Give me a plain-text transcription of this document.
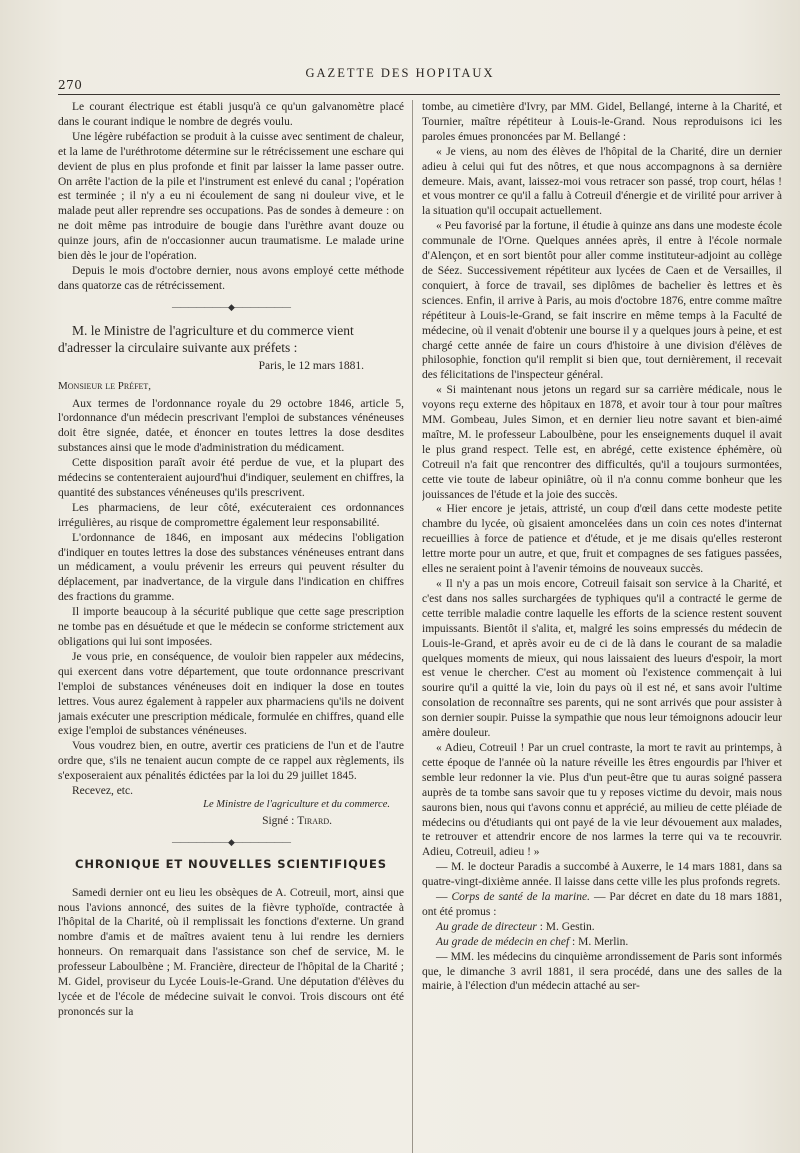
GAZETTE DES HOPITAUX
270

Le courant électrique est établi jusqu'à ce qu'un galvanomètre placé dans le courant indique le nombre de degrés voulu.

Une légère rubéfaction se produit à la cuisse avec sentiment de chaleur, et la lame de l'uréthrotome détermine sur le rétrécissement une eschare qui devient de plus en plus profonde et finit par laisser la lame passer outre. On arrête l'action de la pile et l'instrument est enlevé du canal ; l'opération est terminée ; il n'y a eu ni écoulement de sang ni douleur vive, et le malade peut aller reprendre ses occupations. Pas de sondes à demeure : on ne doit même pas introduire de bougie dans l'urèthre avant douze ou quinze jours, afin de n'occasionner aucun traumatisme. Le malade urine bien dès le jour de l'opération.

Depuis le mois d'octobre dernier, nous avons employé cette méthode dans quatorze cas de rétrécissement.

———————◆———————

M. le Ministre de l'agriculture et du commerce vient d'adresser la circulaire suivante aux préfets :

Paris, le 12 mars 1881.
Monsieur le Préfet,

Aux termes de l'ordonnance royale du 29 octobre 1846, article 5, l'ordonnance d'un médecin prescrivant l'emploi de substances vénéneuses doit être signée, datée, et énoncer en toutes lettres la dose desdites substances ainsi que le mode d'administration du médicament.

Cette disposition paraît avoir été perdue de vue, et la plupart des médecins se contenteraient aujourd'hui d'indiquer, seulement en chiffres, la quantité des substances vénéneuses qu'ils prescrivent.

Les pharmaciens, de leur côté, exécuteraient ces ordonnances irrégulières, au risque de compromettre également leur responsabilité.

L'ordonnance de 1846, en imposant aux médecins l'obligation d'indiquer en toutes lettres la dose des substances vénéneuses entrant dans un médicament, a voulu prévenir les erreurs qui peuvent résulter du déplacement, par inadvertance, de la virgule dans l'indication en chiffres des fractions du gramme.

Il importe beaucoup à la sécurité publique que cette sage prescription ne tombe pas en désuétude et que le médecin se conforme strictement aux obligations qui lui sont imposées.

Je vous prie, en conséquence, de vouloir bien rappeler aux médecins, qui exercent dans votre département, que toute ordonnance prescrivant l'emploi de substances vénéneuses doit en indiquer la dose en toutes lettres. Vous aurez également à rappeler aux pharmaciens qu'ils ne doivent jamais exécuter une prescription médicale, formulée en chiffres, quand elle exige l'emploi de substances vénéneuses.

Vous voudrez bien, en outre, avertir ces praticiens de l'un et de l'autre ordre que, s'ils ne tenaient aucun compte de ce rappel aux règlements, ils s'exposeraient aux pénalités édictées par la loi du 29 juillet 1845.

Recevez, etc.

Le Ministre de l'agriculture et du commerce.
Signé : Tirard.
———————◆———————
CHRONIQUE ET NOUVELLES SCIENTIFIQUES

Samedi dernier ont eu lieu les obsèques de A. Cotreuil, mort, ainsi que nous l'avions annoncé, des suites de la fièvre typhoïde, contractée à l'hôpital de la Charité, où il remplissait les fonctions d'externe. Un grand nombre d'amis et de maîtres avaient tenu à lui rendre les derniers honneurs. On remarquait dans l'assistance son chef de service, M. le professeur Laboulbène ; M. Francière, directeur de l'hôpital de la Charité ; M. Gidel, proviseur du Lycée Louis-le-Grand. Une députation d'élèves du lycée et de l'école de médecine suivait le convoi. Trois discours ont été prononcés sur la

tombe, au cimetière d'Ivry, par MM. Gidel, Bellangé, interne à la Charité, et Tournier, maître répétiteur à Louis-le-Grand. Nous reproduisons ici les paroles émues prononcées par M. Bellangé :

« Je viens, au nom des élèves de l'hôpital de la Charité, dire un dernier adieu à celui qui fut des nôtres, et que nous accompagnons à sa dernière demeure. Mais, avant, laissez-moi vous retracer son passé, trop court, hélas ! et vous montrer ce qu'il a fallu à Cotreuil d'énergie et de virilité pour arriver à la situation qu'il occupait actuellement.

« Peu favorisé par la fortune, il étudie à quinze ans dans une modeste école communale de l'Orne. Quelques années après, il entre à l'école normale d'Alençon, et en sort bientôt pour aller comme instituteur-adjoint au collège de Séez. Successivement répétiteur aux lycées de Caen et de Versailles, il conquiert, à force de travail, ses diplômes de bachelier ès lettres et ès sciences. Enfin, il arrive à Paris, au mois d'octobre 1876, entre comme maître répétiteur à Louis-le-Grand, se fait inscrire en même temps à la Faculté de médecine, où il venait d'obtenir une bourse il y a quelques jours à peine, et est chargé cette année de faire un cours d'histoire à une division d'élèves de philosophie, fonction qu'il remplit si bien que, tout dernièrement, il recevait des félicitations de l'inspecteur général.

« Si maintenant nous jetons un regard sur sa carrière médicale, nous le voyons reçu externe des hôpitaux en 1878, et avoir tour à tour pour maîtres MM. Gombeau, Jules Simon, et en dernier lieu notre savant et bien-aimé maître, M. le professeur Laboulbène, pour les enseignements duquel il avait le plus grand respect. Telle est, en abrégé, cette existence éphémère, où Cotreuil n'a fait que rencontrer des difficultés, qu'il a toujours surmontées, cette vie toute de labeur opiniâtre, où il n'a connu comme bonheur que les jouissances de l'étude et la joie des succès.

« Hier encore je jetais, attristé, un coup d'œil dans cette modeste petite chambre du lycée, où gisaient amoncelées dans un coin ces notes d'internat recueillies à force de patience et d'étude, et je me disais qu'elles resteront lettre morte pour un autre, et que, fruit et compagnes de ses fatigues passées, elles ne seraient point à l'avenir témoins de nouveaux succès.

« Il n'y a pas un mois encore, Cotreuil faisait son service à la Charité, et c'est dans nos salles surchargées de typhiques qu'il a contracté le germe de cette terrible maladie contre laquelle les efforts de la science restent souvent impuissants. Bientôt il s'alita, et, malgré les soins empressés du médecin de Louis-le-Grand, et après avoir eu de ci de là dans le courant de sa maladie quelques moments de mieux, qui nous laissaient des lueurs d'espoir, la mort est venue le chercher. C'est au moment où l'existence commençait à lui sourire qu'il a quitté la vie, loin du pays où il est né, et sans avoir l'ultime consolation de reconnaître ses parents, qui ne sont arrivés que pour assister à son dernier soupir. Puisse la sympathie que nous leur témoignons adoucir leur amère douleur.

« Adieu, Cotreuil ! Par un cruel contraste, la mort te ravit au printemps, à cette époque de l'année où la nature réveille les êtres engourdis par l'hiver et semble leur redonner la vie. Plus d'un peut-être que tu auras soigné passera auprès de ta tombe sans savoir que tu y reposes victime du devoir, mais nous saurons bien, nous qui t'avons connu et apprécié, au milieu de cette pléiade de médecins ou d'étudiants qui ont payé de la vie leur dévouement aux malades, te retrouver et attendrir encore de nos larmes la terre qui va te recouvrir. Adieu, Cotreuil, adieu ! »

— M. le docteur Paradis a succombé à Auxerre, le 14 mars 1881, dans sa quatre-vingt-dixième année. Il laisse dans cette ville les plus profonds regrets.

— Corps de santé de la marine. — Par décret en date du 18 mars 1881, ont été promus :

Au grade de directeur : M. Gestin.

Au grade de médecin en chef : M. Merlin.

— MM. les médecins du cinquième arrondissement de Paris sont informés que, le dimanche 3 avril 1881, il sera procédé, dans une des salles de la mairie, à l'élection d'un médecin attaché au ser-
